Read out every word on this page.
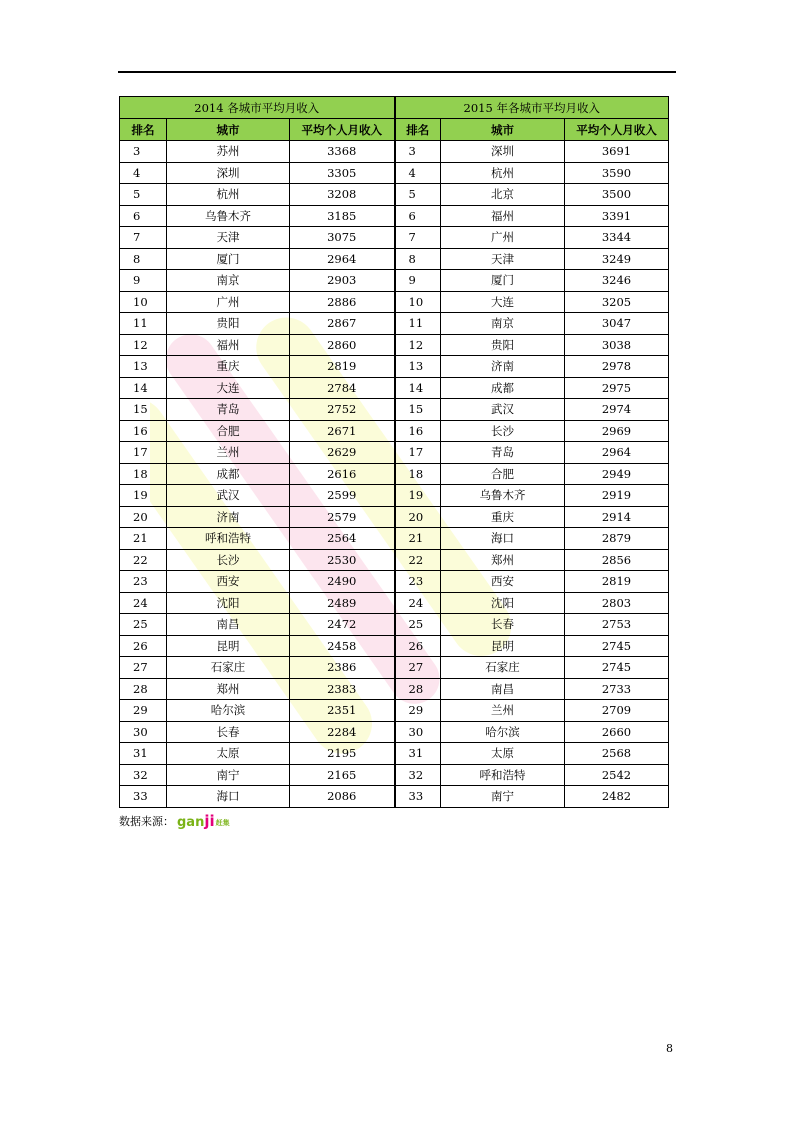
2014 各城市平均月收入			2015 年各城市平均月收入		
排名	城市	平均个人月收入	排名	城市	平均个人月收入
3	苏州	3368	3	深圳	3691
4	深圳	3305	4	杭州	3590
5	杭州	3208	5	北京	3500
6	乌鲁木齐	3185	6	福州	3391
7	天津	3075	7	广州	3344
8	厦门	2964	8	天津	3249
9	南京	2903	9	厦门	3246
10	广州	2886	10	大连	3205
11	贵阳	2867	11	南京	3047
12	福州	2860	12	贵阳	3038
13	重庆	2819	13	济南	2978
14	大连	2784	14	成都	2975
15	青岛	2752	15	武汉	2974
16	合肥	2671	16	长沙	2969
17	兰州	2629	17	青岛	2964
18	成都	2616	18	合肥	2949
19	武汉	2599	19	乌鲁木齐	2919
20	济南	2579	20	重庆	2914
21	呼和浩特	2564	21	海口	2879
22	长沙	2530	22	郑州	2856
23	西安	2490	23	西安	2819
24	沈阳	2489	24	沈阳	2803
25	南昌	2472	25	长春	2753
26	昆明	2458	26	昆明	2745
27	石家庄	2386	27	石家庄	2745
28	郑州	2383	28	南昌	2733
29	哈尔滨	2351	29	兰州	2709
30	长春	2284	30	哈尔滨	2660
31	太原	2195	31	太原	2568
32	南宁	2165	32	呼和浩特	2542
33	海口	2086	33	南宁	2482
数据来源： gan ji 赶集
8
